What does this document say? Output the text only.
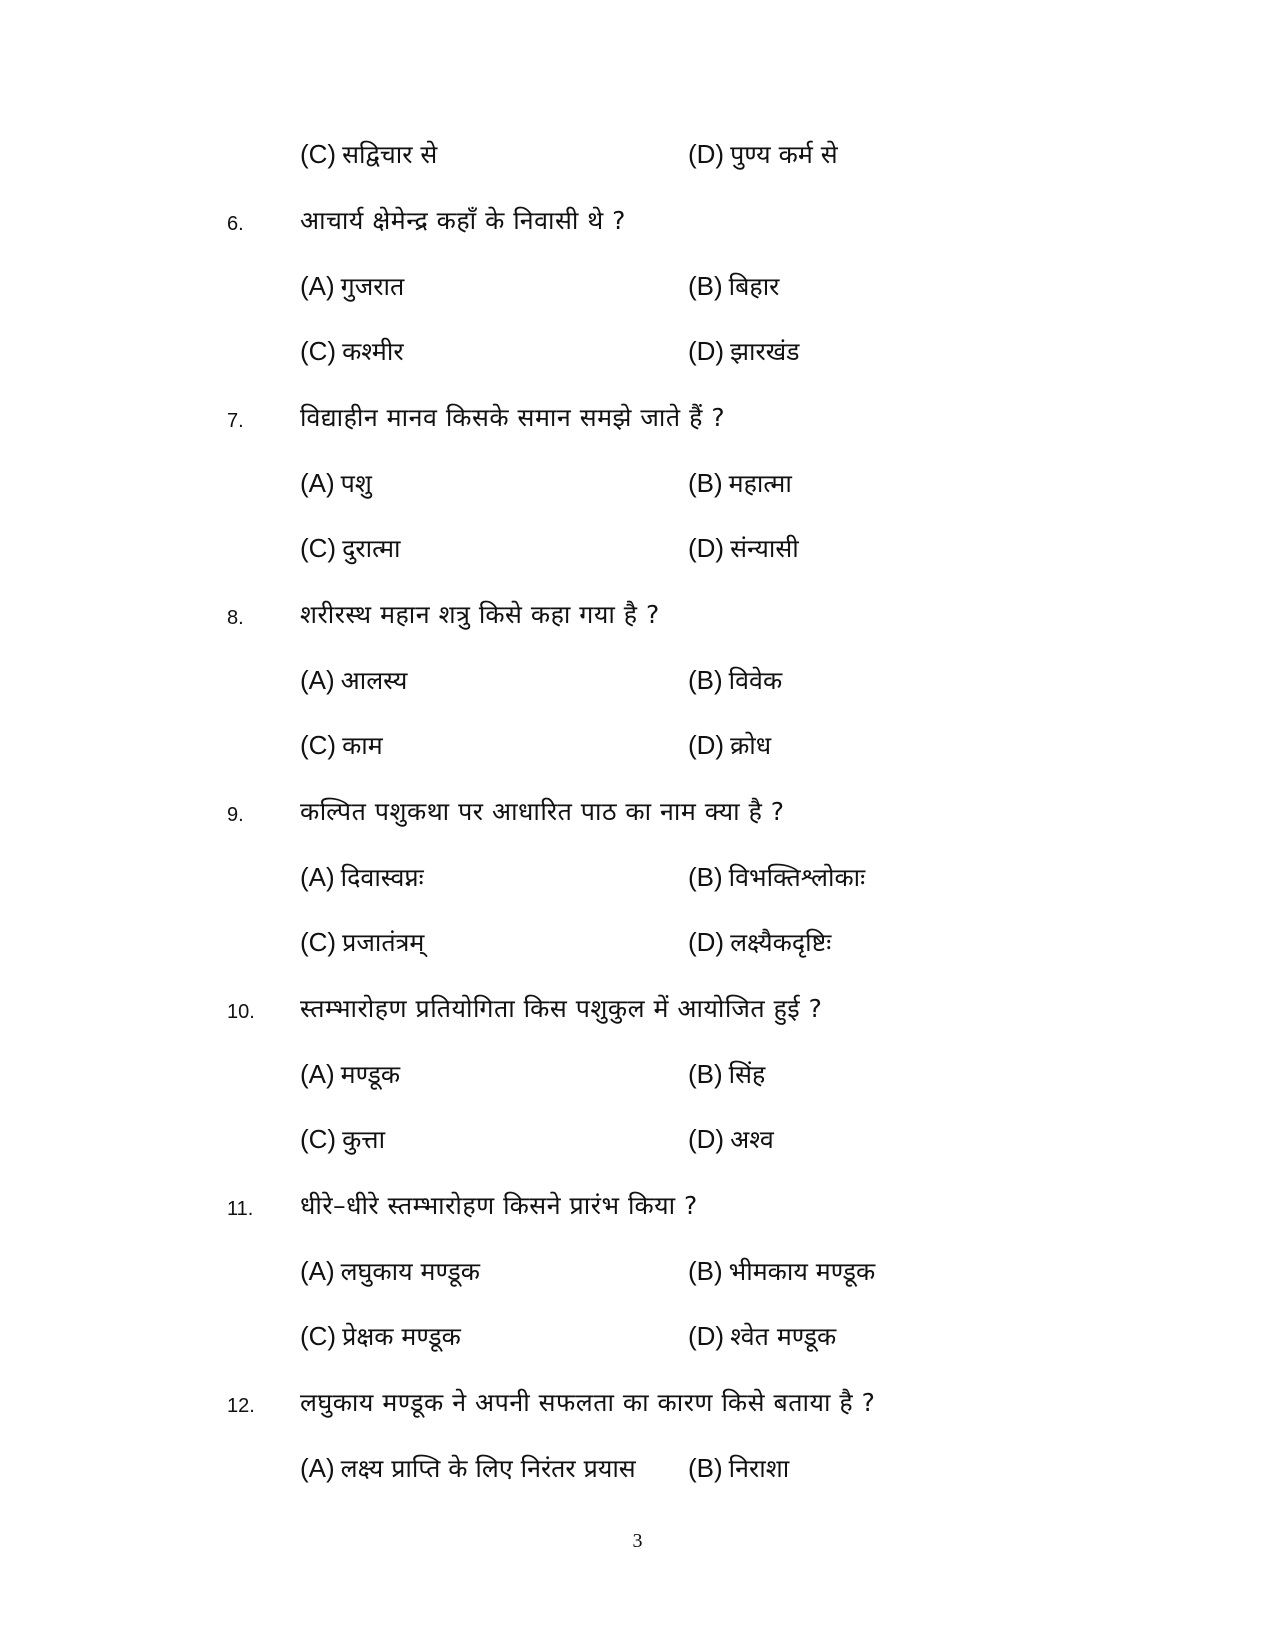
(C) सद्विचार से	(D) पुण्य कर्म से
6. आचार्य क्षेमेन्द्र कहाँ के निवासी थे ?
(A) गुजरात	(B) बिहार
(C) कश्मीर	(D) झारखंड
7. विद्याहीन मानव किसके समान समझे जाते हैं ?
(A) पशु	(B) महात्मा
(C) दुरात्मा	(D) संन्यासी
8. शरीरस्थ महान शत्रु किसे कहा गया है ?
(A) आलस्य	(B) विवेक
(C) काम	(D) क्रोध
9. कल्पित पशुकथा पर आधारित पाठ का नाम क्या है ?
(A) दिवास्वप्नः	(B) विभक्तिश्लोकाः
(C) प्रजातंत्रम्	(D) लक्ष्यैकदृष्टिः
10. स्तम्भारोहण प्रतियोगिता किस पशुकुल में आयोजित हुई ?
(A) मण्डूक	(B) सिंह
(C) कुत्ता	(D) अश्व
11. धीरे–धीरे स्तम्भारोहण किसने प्रारंभ किया ?
(A) लघुकाय मण्डूक	(B) भीमकाय मण्डूक
(C) प्रेक्षक मण्डूक	(D) श्वेत मण्डूक
12. लघुकाय मण्डूक ने अपनी सफलता का कारण किसे बताया है ?
(A) लक्ष्य प्राप्ति के लिए निरंतर प्रयास (B) निराशा
3
